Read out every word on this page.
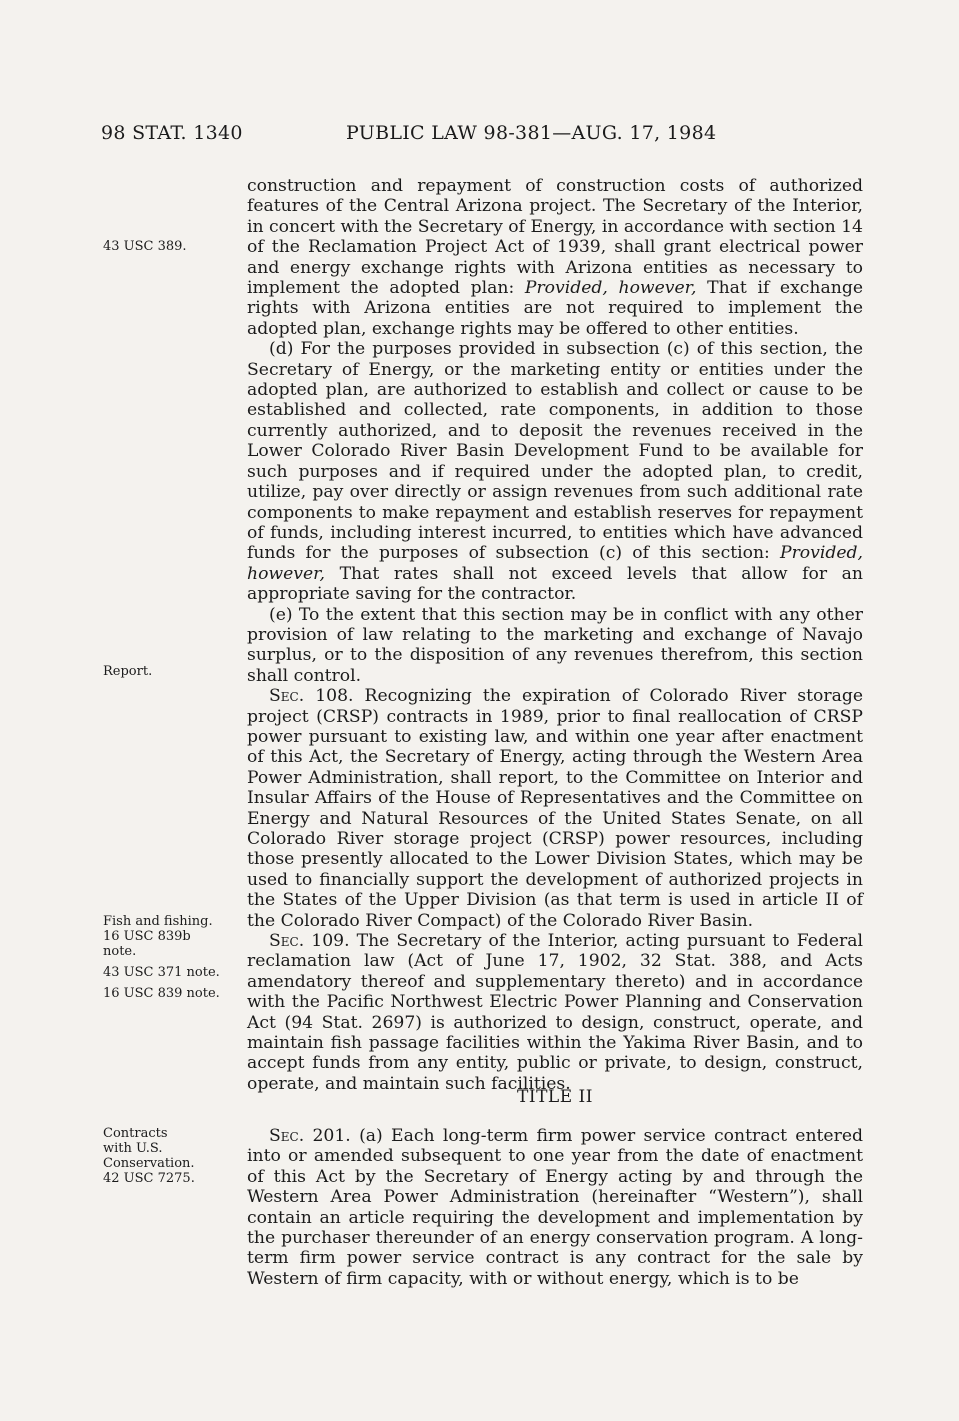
98 STAT. 1340	PUBLIC LAW 98-381—AUG. 17, 1984
43 USC 389.
Report.
Fish and fishing.
16 USC 839b
note.
43 USC 371 note.
16 USC 839 note.
Contracts
with U.S.
Conservation.
42 USC 7275.

construction and repayment of construction costs of authorized features of the Central Arizona project. The Secretary of the Interior, in concert with the Secretary of Energy, in accordance with section 14 of the Reclamation Project Act of 1939, shall grant electrical power and energy exchange rights with Arizona entities as necessary to implement the adopted plan: Provided, however, That if exchange rights with Arizona entities are not required to implement the adopted plan, exchange rights may be offered to other entities.

(d) For the purposes provided in subsection (c) of this section, the Secretary of Energy, or the marketing entity or entities under the adopted plan, are authorized to establish and collect or cause to be established and collected, rate components, in addition to those currently authorized, and to deposit the revenues received in the Lower Colorado River Basin Development Fund to be available for such purposes and if required under the adopted plan, to credit, utilize, pay over directly or assign revenues from such additional rate components to make repayment and establish reserves for repayment of funds, including interest incurred, to entities which have advanced funds for the purposes of subsection (c) of this section: Provided, however, That rates shall not exceed levels that allow for an appropriate saving for the contractor.

(e) To the extent that this section may be in conflict with any other provision of law relating to the marketing and exchange of Navajo surplus, or to the disposition of any revenues therefrom, this section shall control.

Sec. 108. Recognizing the expiration of Colorado River storage project (CRSP) contracts in 1989, prior to final reallocation of CRSP power pursuant to existing law, and within one year after enactment of this Act, the Secretary of Energy, acting through the Western Area Power Administration, shall report, to the Committee on Interior and Insular Affairs of the House of Representatives and the Committee on Energy and Natural Resources of the United States Senate, on all Colorado River storage project (CRSP) power resources, including those presently allocated to the Lower Division States, which may be used to financially support the development of authorized projects in the States of the Upper Division (as that term is used in article II of the Colorado River Compact) of the Colorado River Basin.

Sec. 109. The Secretary of the Interior, acting pursuant to Federal reclamation law (Act of June 17, 1902, 32 Stat. 388, and Acts amendatory thereof and supplementary thereto) and in accordance with the Pacific Northwest Electric Power Planning and Conservation Act (94 Stat. 2697) is authorized to design, construct, operate, and maintain fish passage facilities within the Yakima River Basin, and to accept funds from any entity, public or private, to design, construct, operate, and maintain such facilities.

TITLE II

Sec. 201. (a) Each long-term firm power service contract entered into or amended subsequent to one year from the date of enactment of this Act by the Secretary of Energy acting by and through the Western Area Power Administration (hereinafter “Western”), shall contain an article requiring the development and implementation by the purchaser thereunder of an energy conservation program. A long-term firm power service contract is any contract for the sale by Western of firm capacity, with or without energy, which is to be
